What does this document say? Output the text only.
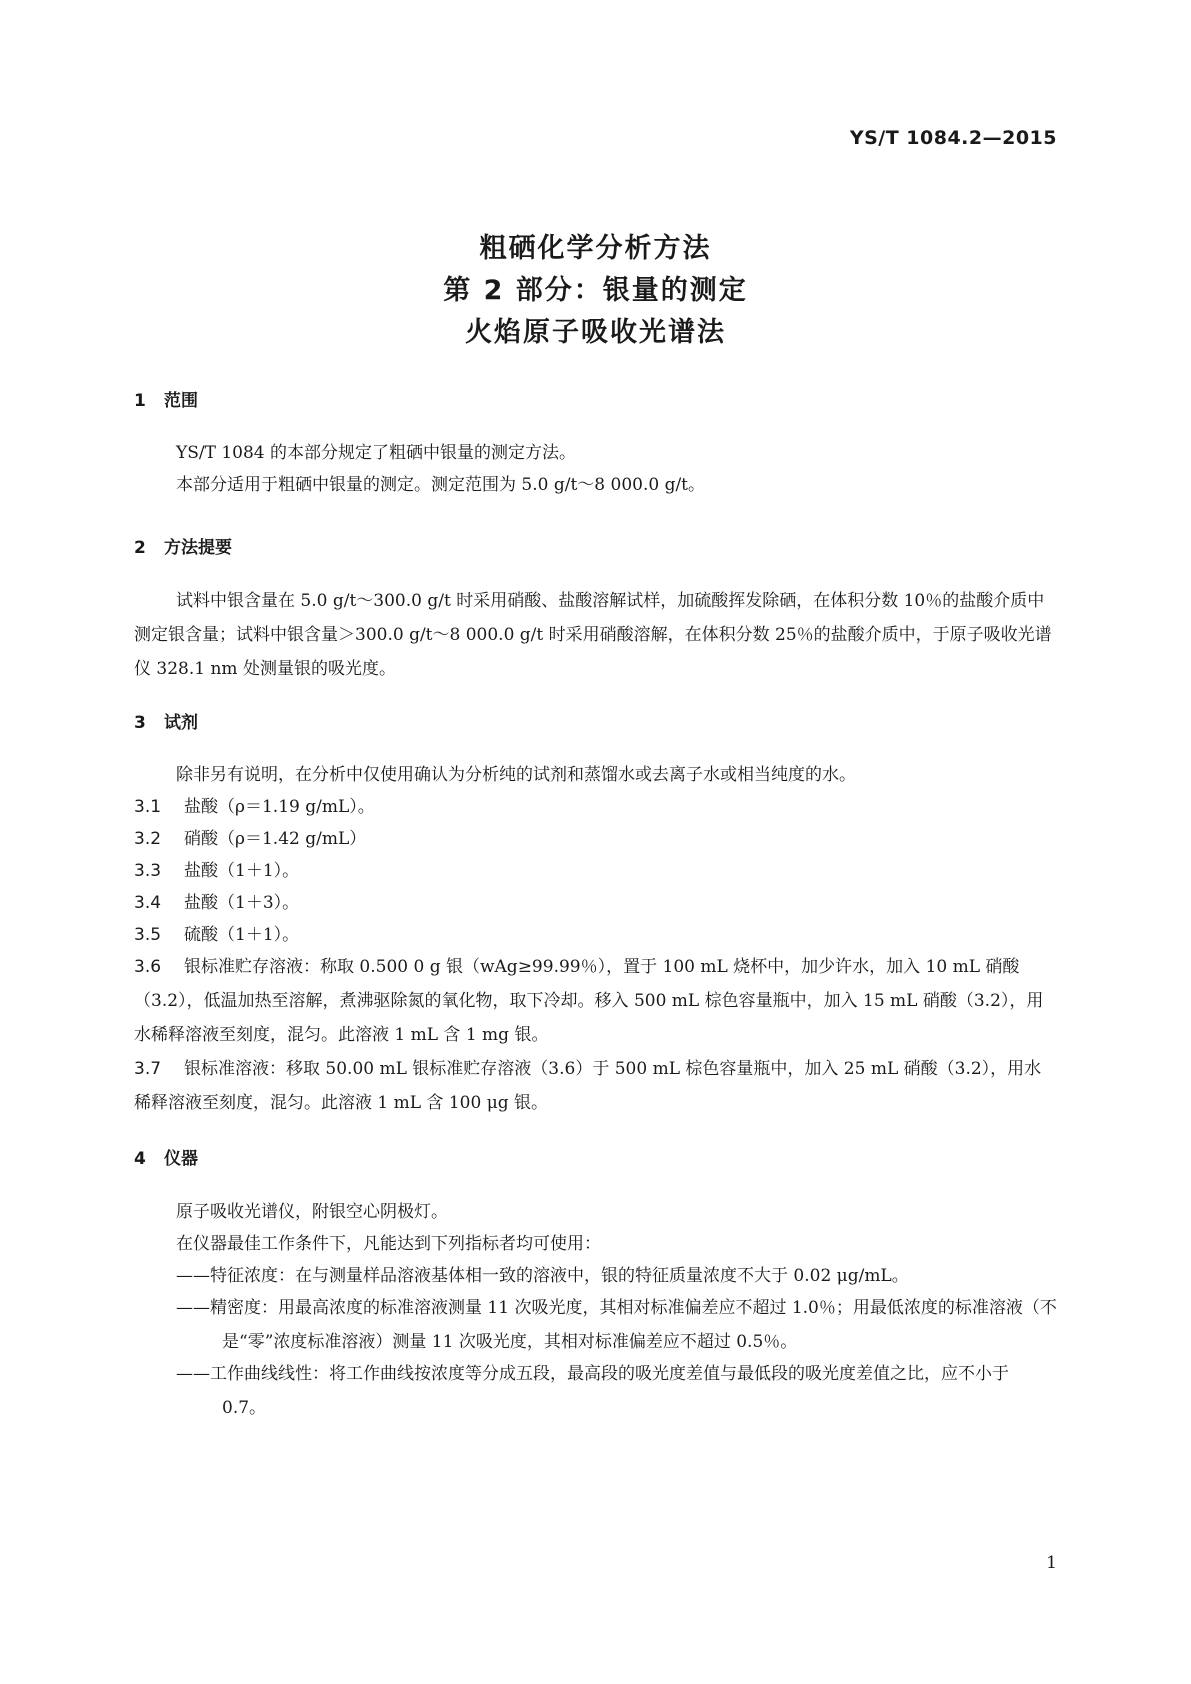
YS/T 1084.2—2015
粗硒化学分析方法
第 2 部分：银量的测定
火焰原子吸收光谱法
1 范围
YS/T 1084 的本部分规定了粗硒中银量的测定方法。
本部分适用于粗硒中银量的测定。测定范围为 5.0 g/t～8 000.0 g/t。
2 方法提要
试料中银含量在 5.0 g/t～300.0 g/t 时采用硝酸、盐酸溶解试样，加硫酸挥发除硒，在体积分数 10％的盐酸介质中测定银含量；试料中银含量＞300.0 g/t～8 000.0 g/t 时采用硝酸溶解，在体积分数 25％的盐酸介质中，于原子吸收光谱仪 328.1 nm 处测量银的吸光度。
3 试剂
除非另有说明，在分析中仅使用确认为分析纯的试剂和蒸馏水或去离子水或相当纯度的水。
3.1 盐酸（ρ＝1.19 g/mL）。
3.2 硝酸（ρ＝1.42 g/mL）
3.3 盐酸（1＋1）。
3.4 盐酸（1＋3）。
3.5 硫酸（1＋1）。
3.6 银标准贮存溶液：称取 0.500 0 g 银（wAg≥99.99％），置于 100 mL 烧杯中，加少许水，加入 10 mL 硝酸（3.2），低温加热至溶解，煮沸驱除氮的氧化物，取下冷却。移入 500 mL 棕色容量瓶中，加入 15 mL 硝酸（3.2），用水稀释溶液至刻度，混匀。此溶液 1 mL 含 1 mg 银。
3.7 银标准溶液：移取 50.00 mL 银标准贮存溶液（3.6）于 500 mL 棕色容量瓶中，加入 25 mL 硝酸（3.2），用水稀释溶液至刻度，混匀。此溶液 1 mL 含 100 μg 银。
4 仪器
原子吸收光谱仪，附银空心阴极灯。
在仪器最佳工作条件下，凡能达到下列指标者均可使用：
——特征浓度：在与测量样品溶液基体相一致的溶液中，银的特征质量浓度不大于 0.02 μg/mL。
——精密度：用最高浓度的标准溶液测量 11 次吸光度，其相对标准偏差应不超过 1.0％；用最低浓度的标准溶液（不是“零”浓度标准溶液）测量 11 次吸光度，其相对标准偏差应不超过 0.5％。
——工作曲线线性：将工作曲线按浓度等分成五段，最高段的吸光度差值与最低段的吸光度差值之比，应不小于 0.7。
1
